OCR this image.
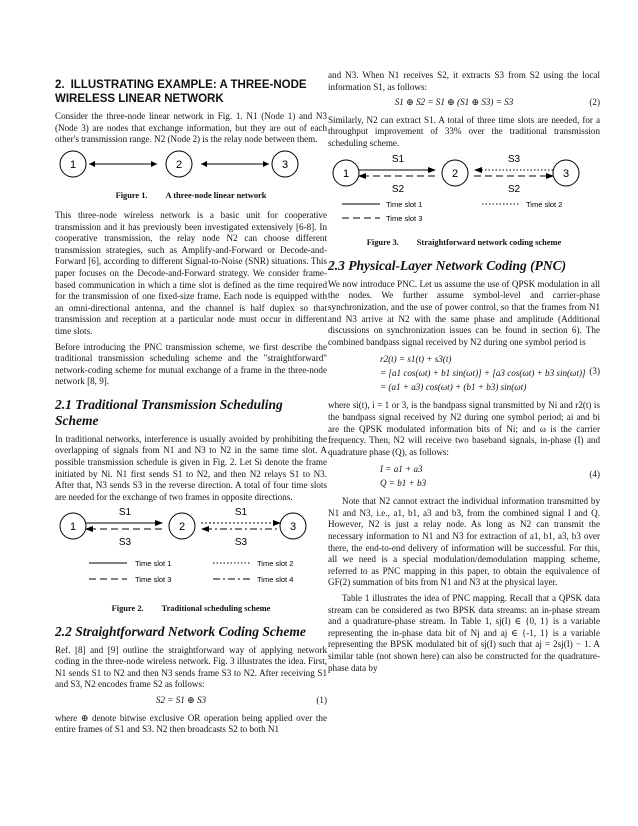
2. ILLUSTRATING EXAMPLE: A THREE-NODE WIRELESS LINEAR NETWORK

Consider the three-node linear network in Fig. 1. N1 (Node 1) and N3 (Node 3) are nodes that exchange information, but they are out of each other's transmission range. N2 (Node 2) is the relay node between them.

1	2	3
Figure 1. A three-node linear network

This three-node wireless network is a basic unit for cooperative transmission and it has previously been investigated extensively [6-8]. In cooperative transmission, the relay node N2 can choose different transmission strategies, such as Amplify-and-Forward or Decode-and-Forward [6], according to different Signal-to-Noise (SNR) situations. This paper focuses on the Decode-and-Forward strategy. We consider frame-based communication in which a time slot is defined as the time required for the transmission of one fixed-size frame. Each node is equipped with an omni-directional antenna, and the channel is half duplex so that transmission and reception at a particular node must occur in different time slots.

Before introducing the PNC transmission scheme, we first describe the traditional transmission scheduling scheme and the "straightforward" network-coding scheme for mutual exchange of a frame in the three-node network [8, 9].

2.1 Traditional Transmission Scheduling Scheme

In traditional networks, interference is usually avoided by prohibiting the overlapping of signals from N1 and N3 to N2 in the same time slot. A possible transmission schedule is given in Fig. 2. Let Si denote the frame initiated by Ni. N1 first sends S1 to N2, and then N2 relays S1 to N3. After that, N3 sends S3 in the reverse direction. A total of four time slots are needed for the exchange of two frames in opposite directions.

1	2	3
S1	S1
S3	S3
Time slot 1	Time slot 2
Time slot 3	Time slot 4
Figure 2. Traditional scheduling scheme
2.2 Straightforward Network Coding Scheme

Ref. [8] and [9] outline the straightforward way of applying network coding in the three-node wireless network. Fig. 3 illustrates the idea. First, N1 sends S1 to N2 and then N3 sends frame S3 to N2. After receiving S1 and S3, N2 encodes frame S2 as follows:

S2 = S1 ⊕ S3	(1)

where ⊕ denote bitwise exclusive OR operation being applied over the entire frames of S1 and S3. N2 then broadcasts S2 to both N1

and N3. When N1 receives S2, it extracts S3 from S2 using the local information S1, as follows:

S1 ⊕ S2 = S1 ⊕ (S1 ⊕ S3) = S3	(2)

Similarly, N2 can extract S1. A total of three time slots are needed, for a throughput improvement of 33% over the traditional transmission scheduling scheme.

1	2	3
S1	S3
S2	S2
Time slot 1	Time slot 2
Time slot 3
Figure 3. Straightforward network coding scheme
2.3 Physical-Layer Network Coding (PNC)

We now introduce PNC. Let us assume the use of QPSK modulation in all the nodes. We further assume symbol-level and carrier-phase synchronization, and the use of power control, so that the frames from N1 and N3 arrive at N2 with the same phase and amplitude (Additional discussions on synchronization issues can be found in section 6). The combined bandpass signal received by N2 during one symbol period is

(3)
r2(t) = s1(t) + s3(t)
= [a1 cos(ωt) + b1 sin(ωt)] + [a3 cos(ωt) + b3 sin(ωt)]
= (a1 + a3) cos(ωt) + (b1 + b3) sin(ωt)

where si(t), i = 1 or 3, is the bandpass signal transmitted by Ni and r2(t) is the bandpass signal received by N2 during one symbol period; ai and bi are the QPSK modulated information bits of Ni; and ω is the carrier frequency. Then, N2 will receive two baseband signals, in-phase (I) and quadrature phase (Q), as follows:

(4)
I = a1 + a3
Q = b1 + b3

Note that N2 cannot extract the individual information transmitted by N1 and N3, i.e., a1, b1, a3 and b3, from the combined signal I and Q. However, N2 is just a relay node. As long as N2 can transmit the necessary information to N1 and N3 for extraction of a1, b1, a3, b3 over there, the end-to-end delivery of information will be successful. For this, all we need is a special modulation/demodulation mapping scheme, referred to as PNC mapping in this paper, to obtain the equivalence of GF(2) summation of bits from N1 and N3 at the physical layer.

Table 1 illustrates the idea of PNC mapping. Recall that a QPSK data stream can be considered as two BPSK data streams: an in-phase stream and a quadrature-phase stream. In Table 1, sj(I) ∈ {0, 1} is a variable representing the in-phase data bit of Nj and aj ∈ {-1, 1} is a variable representing the BPSK modulated bit of sj(I) such that aj = 2sj(I) − 1. A similar table (not shown here) can also be constructed for the quadrature-phase data by
